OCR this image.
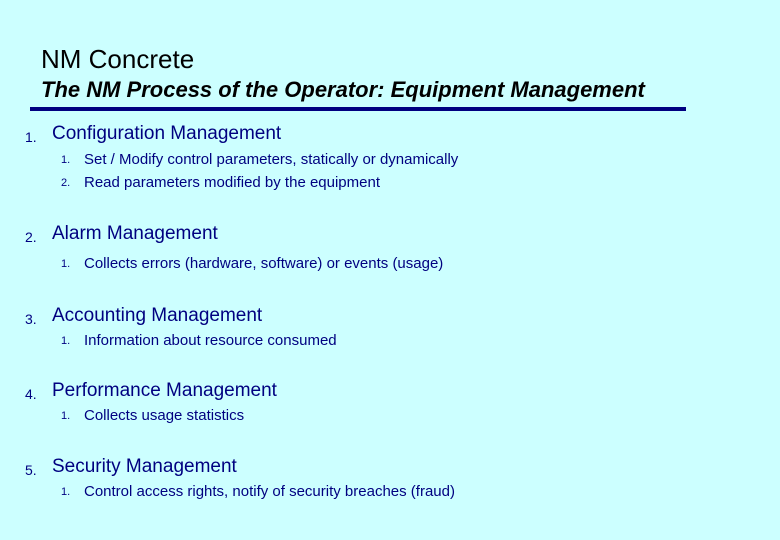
NM Concrete
The NM Process of the Operator: Equipment Management
1. Configuration Management
1. Set / Modify control parameters, statically or dynamically
2. Read parameters modified by the equipment
2. Alarm Management
1. Collects errors (hardware, software) or events (usage)
3. Accounting Management
1. Information about resource consumed
4. Performance Management
1. Collects usage statistics
5. Security Management
1. Control access rights, notify of security breaches (fraud)
